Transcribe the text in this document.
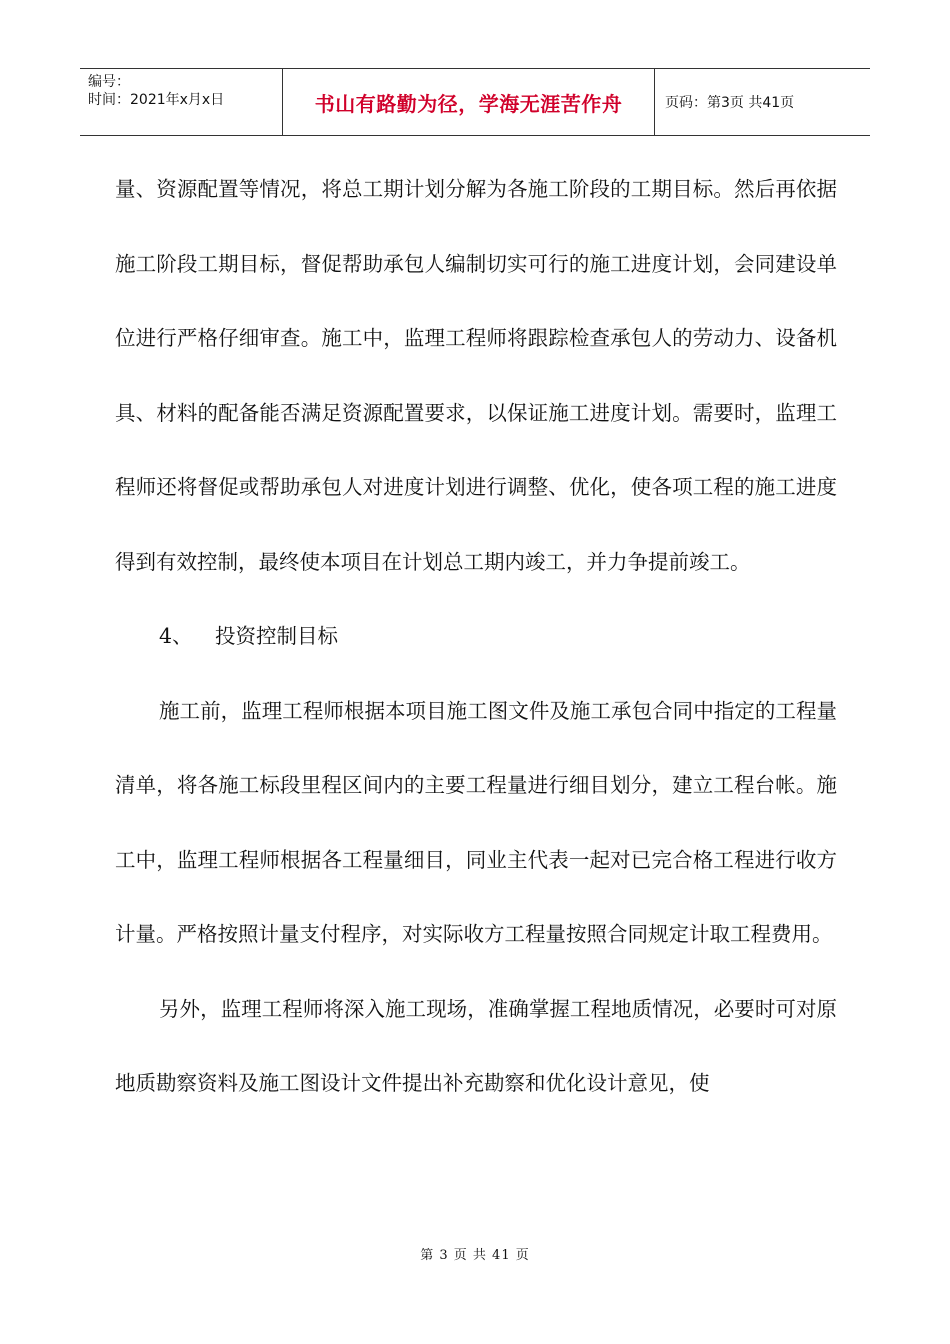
编号：
时间：2021年x月x日	书山有路勤为径，学海无涯苦作舟	页码：第3页 共41页

量、资源配置等情况，将总工期计划分解为各施工阶段的工期目标。然后再依据施工阶段工期目标，督促帮助承包人编制切实可行的施工进度计划，会同建设单位进行严格仔细审查。施工中，监理工程师将跟踪检查承包人的劳动力、设备机具、材料的配备能否满足资源配置要求，以保证施工进度计划。需要时，监理工程师还将督促或帮助承包人对进度计划进行调整、优化，使各项工程的施工进度得到有效控制，最终使本项目在计划总工期内竣工，并力争提前竣工。

4、 投资控制目标

施工前，监理工程师根据本项目施工图文件及施工承包合同中指定的工程量清单，将各施工标段里程区间内的主要工程量进行细目划分，建立工程台帐。施工中，监理工程师根据各工程量细目，同业主代表一起对已完合格工程进行收方计量。严格按照计量支付程序，对实际收方工程量按照合同规定计取工程费用。

另外，监理工程师将深入施工现场，准确掌握工程地质情况，必要时可对原地质勘察资料及施工图设计文件提出补充勘察和优化设计意见，使

第 3 页 共 41 页
